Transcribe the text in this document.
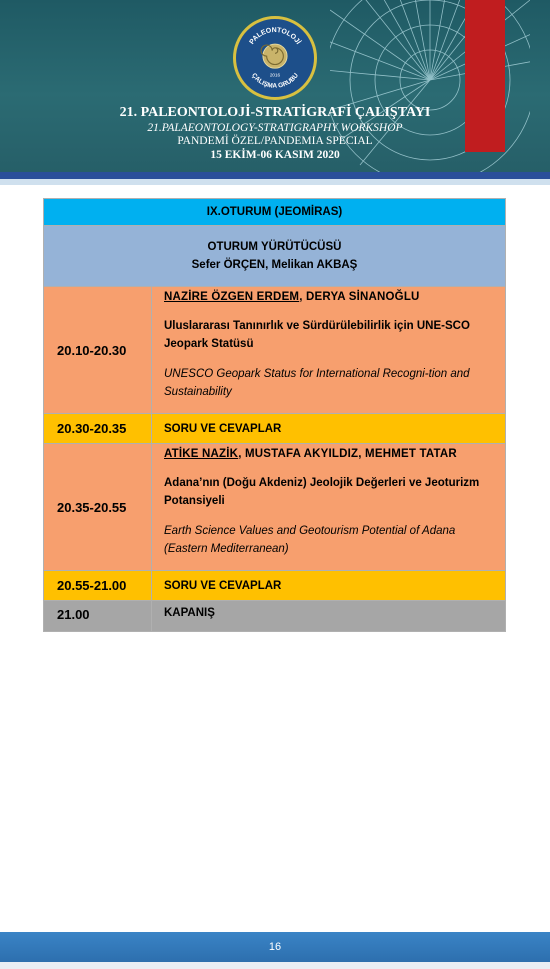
PALEONTOLOJİ
ÇALIŞMA GRUBU
2016
21. PALEONTOLOJİ-STRATİGRAFİ ÇALIŞTAYI
21.PALAEONTOLOGY-STRATIGRAPHY WORKSHOP
PANDEMİ ÖZEL/PANDEMIA SPECIAL
15 EKİM-06 KASIM 2020
IX.OTURUM (JEOMİRAS)	

OTURUM YÜRÜTÜCÜSÜ
Sefer ÖRÇEN, Melikan AKBAŞ	

20.10-20.30	NAZİRE ÖZGEN ERDEM, DERYA SİNANOĞLU
Uluslararası Tanınırlık ve Sürdürülebilirlik için UNE-SCO Jeopark Statüsü
UNESCO Geopark Status for International Recogni-tion and Sustainability

20.30-20.35	SORU VE CEVAPLAR

20.35-20.55	ATİKE NAZİK, MUSTAFA AKYILDIZ, MEHMET TATAR
Adana’nın (Doğu Akdeniz) Jeolojik Değerleri ve Jeoturizm Potansiyeli
Earth Science Values and Geotourism Potential of Adana (Eastern Mediterranean)

20.55-21.00	SORU VE CEVAPLAR

21.00	KAPANIŞ
16
